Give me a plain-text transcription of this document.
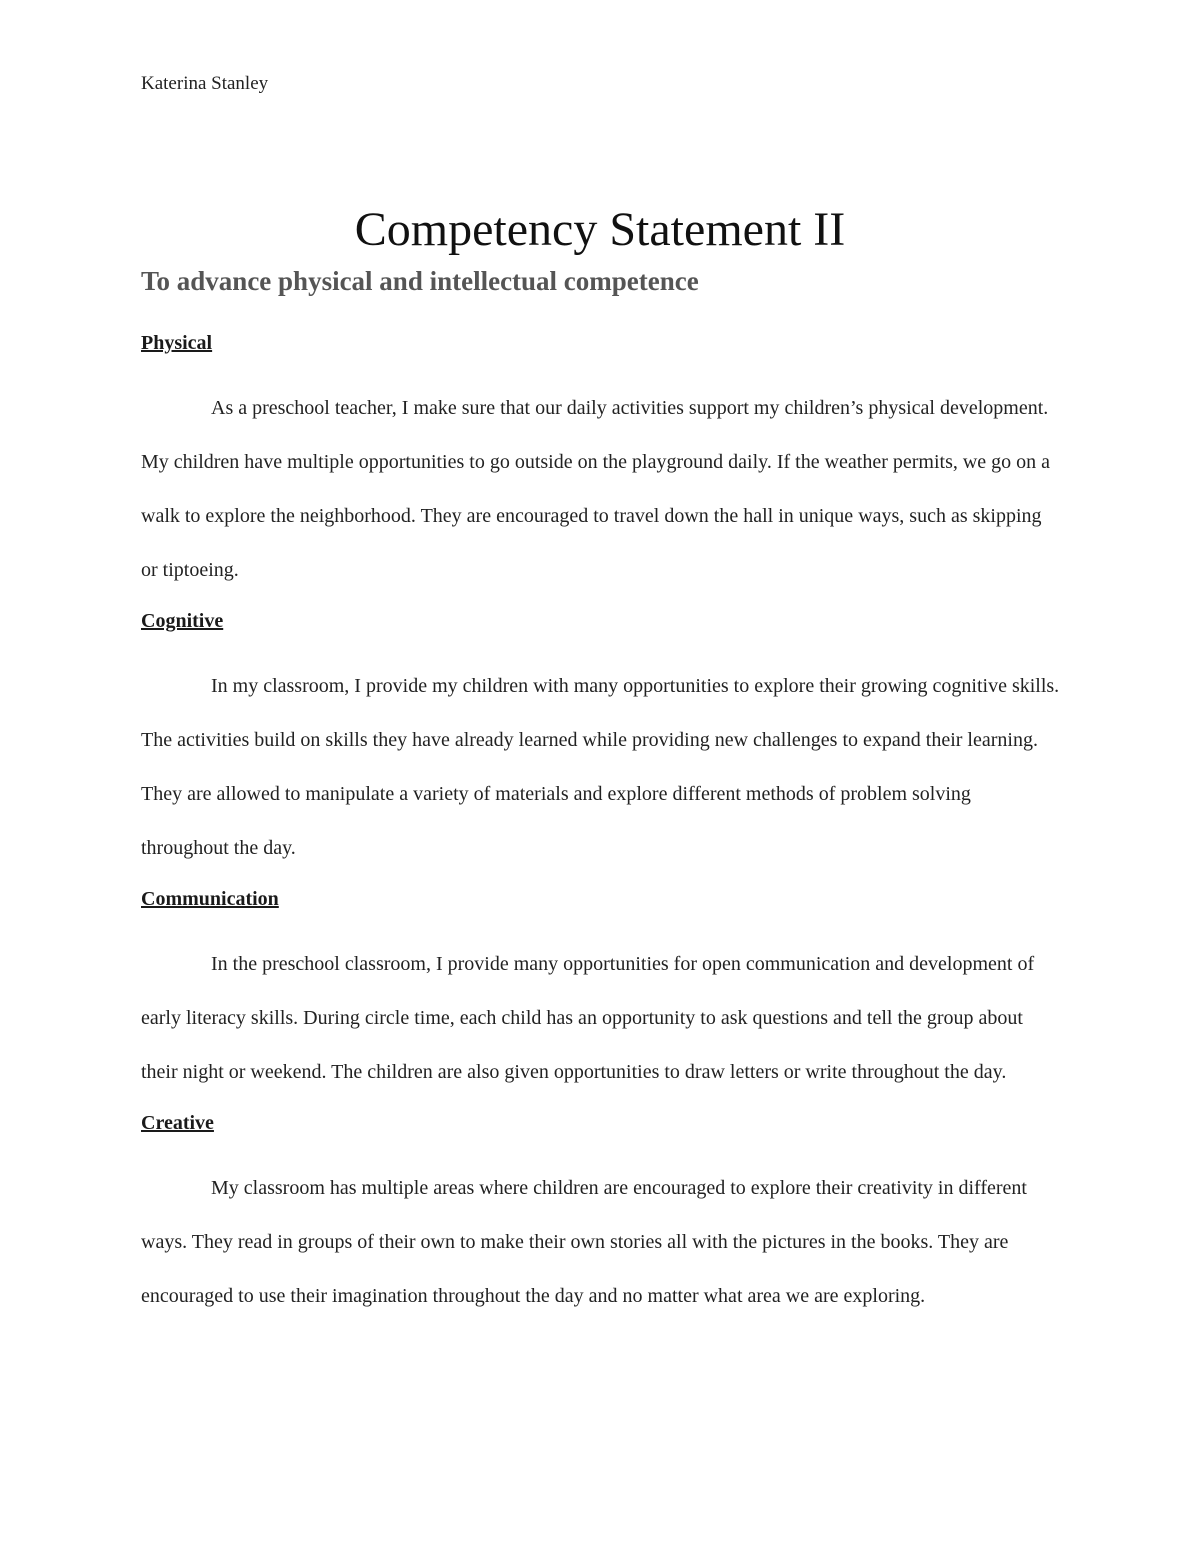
Katerina Stanley
Competency Statement II
To advance physical and intellectual competence
Physical

As a preschool teacher, I make sure that our daily activities support my children’s physical development. My children have multiple opportunities to go outside on the playground daily. If the weather permits, we go on a walk to explore the neighborhood. They are encouraged to travel down the hall in unique ways, such as skipping or tiptoeing.

Cognitive

In my classroom, I provide my children with many opportunities to explore their growing cognitive skills. The activities build on skills they have already learned while providing new challenges to expand their learning. They are allowed to manipulate a variety of materials and explore different methods of problem solving throughout the day.

Communication

In the preschool classroom, I provide many opportunities for open communication and development of early literacy skills. During circle time, each child has an opportunity to ask questions and tell the group about their night or weekend. The children are also given opportunities to draw letters or write throughout the day.

Creative

My classroom has multiple areas where children are encouraged to explore their creativity in different ways. They read in groups of their own to make their own stories all with the pictures in the books. They are encouraged to use their imagination throughout the day and no matter what area we are exploring.
